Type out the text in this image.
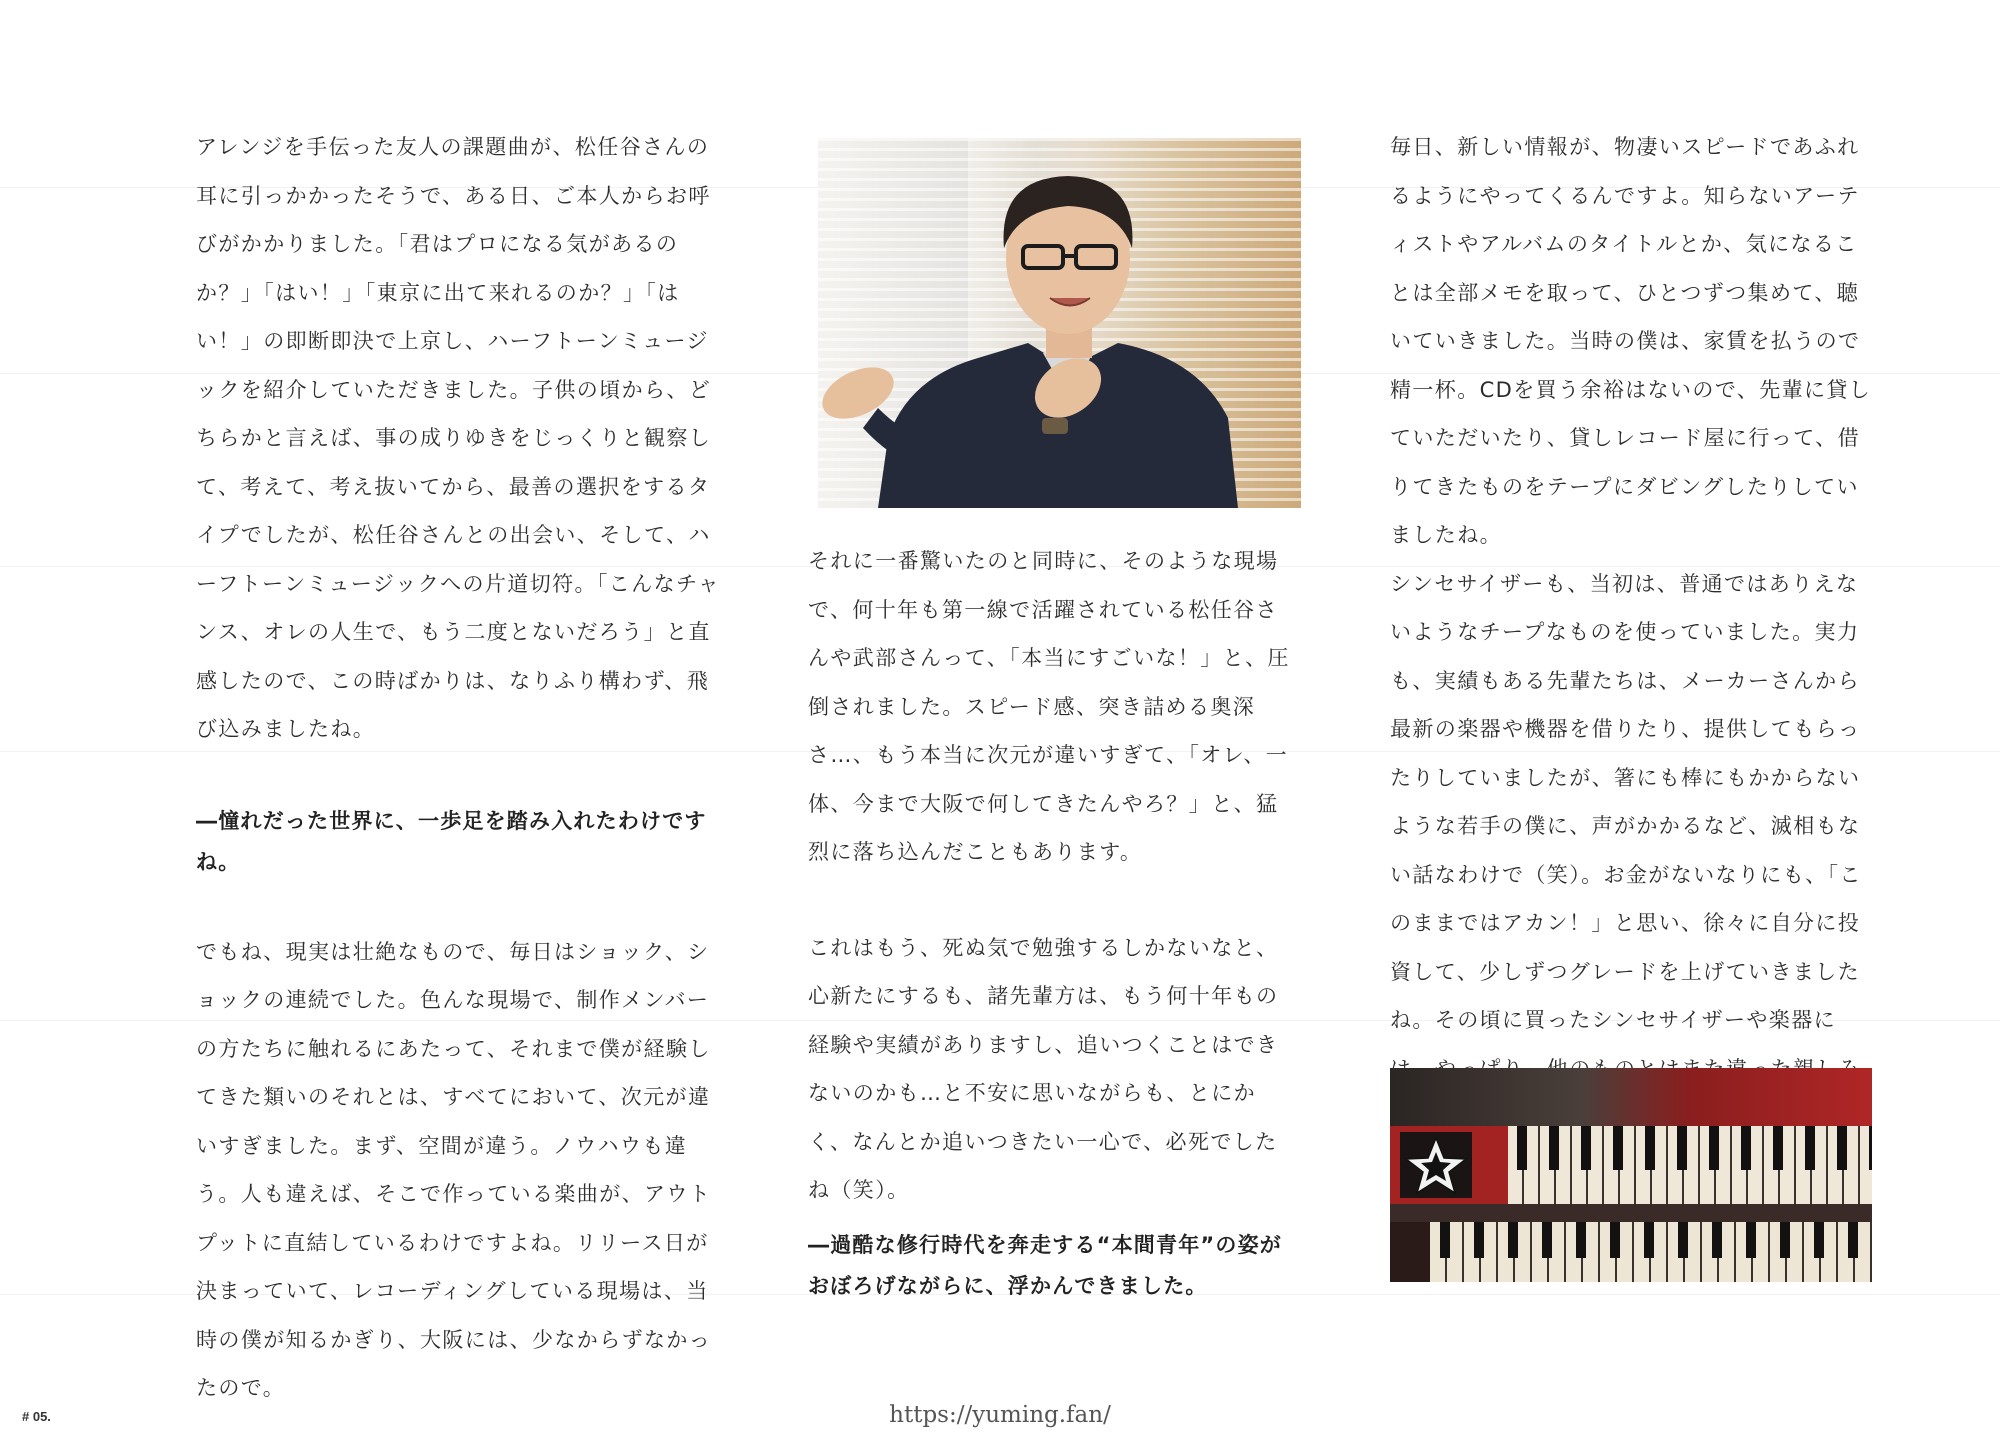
アレンジを手伝った友人の課題曲が、松任谷さんの耳に引っかかったそうで、ある日、ご本人からお呼びがかかりました。「君はプロになる気があるのか？」「はい！」「東京に出て来れるのか？」「はい！」の即断即決で上京し、ハーフトーンミュージックを紹介していただきました。子供の頃から、どちらかと言えば、事の成りゆきをじっくりと観察して、考えて、考え抜いてから、最善の選択をするタイプでしたが、松任谷さんとの出会い、そして、ハーフトーンミュージックへの片道切符。「こんなチャンス、オレの人生で、もう二度とないだろう」と直感したので、この時ばかりは、なりふり構わず、飛び込みましたね。

―憧れだった世界に、一歩足を踏み入れたわけですね。

でもね、現実は壮絶なもので、毎日はショック、ショックの連続でした。色んな現場で、制作メンバーの方たちに触れるにあたって、それまで僕が経験してきた類いのそれとは、すべてにおいて、次元が違いすぎました。まず、空間が違う。ノウハウも違う。人も違えば、そこで作っている楽曲が、アウトプットに直結しているわけですよね。リリース日が決まっていて、レコーディングしている現場は、当時の僕が知るかぎり、大阪には、少なからずなかったので。

それに一番驚いたのと同時に、そのような現場で、何十年も第一線で活躍されている松任谷さんや武部さんって、「本当にすごいな！」と、圧倒されました。スピード感、突き詰める奥深さ…、もう本当に次元が違いすぎて、「オレ、一体、今まで大阪で何してきたんやろ？」と、猛烈に落ち込んだこともあります。

これはもう、死ぬ気で勉強するしかないなと、心新たにするも、諸先輩方は、もう何十年もの経験や実績がありますし、追いつくことはできないのかも…と不安に思いながらも、とにかく、なんとか追いつきたい一心で、必死でしたね（笑）。

―過酷な修行時代を奔走する“本間青年”の姿がおぼろげながらに、浮かんできました。

毎日、新しい情報が、物凄いスピードであふれるようにやってくるんですよ。知らないアーティストやアルバムのタイトルとか、気になることは全部メモを取って、ひとつずつ集めて、聴いていきました。当時の僕は、家賃を払うので精一杯。CDを買う余裕はないので、先輩に貸していただいたり、貸しレコード屋に行って、借りてきたものをテープにダビングしたりしていましたね。

シンセサイザーも、当初は、普通ではありえないようなチープなものを使っていました。実力も、実績もある先輩たちは、メーカーさんから最新の楽器や機器を借りたり、提供してもらったりしていましたが、箸にも棒にもかからないような若手の僕に、声がかかるなど、滅相もない話なわけで（笑）。お金がないなりにも、「このままではアカン！」と思い、徐々に自分に投資して、少しずつグレードを上げていきましたね。その頃に買ったシンセサイザーや楽器に

# 05.	https://yuming.fan/
